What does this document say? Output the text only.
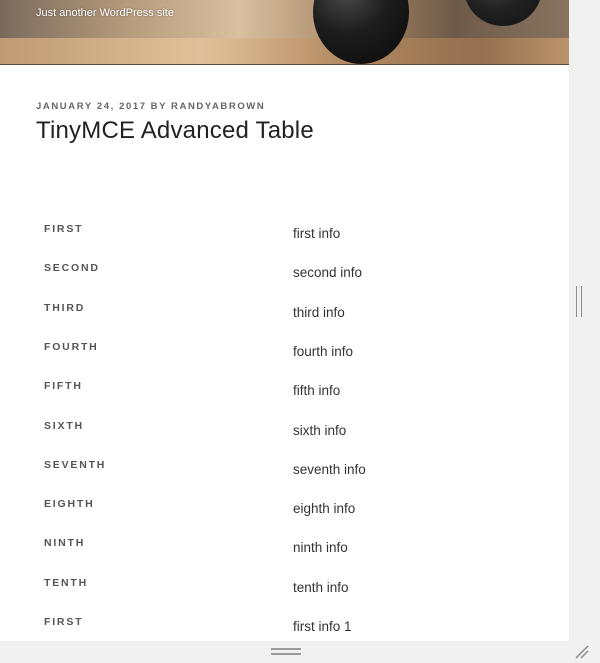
Just another WordPress site
JANUARY 24, 2017 BY RANDYABROWN
TinyMCE Advanced Table
FIRST	first info
SECOND	second info
THIRD	third info
FOURTH	fourth info
FIFTH	fifth info
SIXTH	sixth info
SEVENTH	seventh info
EIGHTH	eighth info
NINTH	ninth info
TENTH	tenth info
FIRST	first info 1
